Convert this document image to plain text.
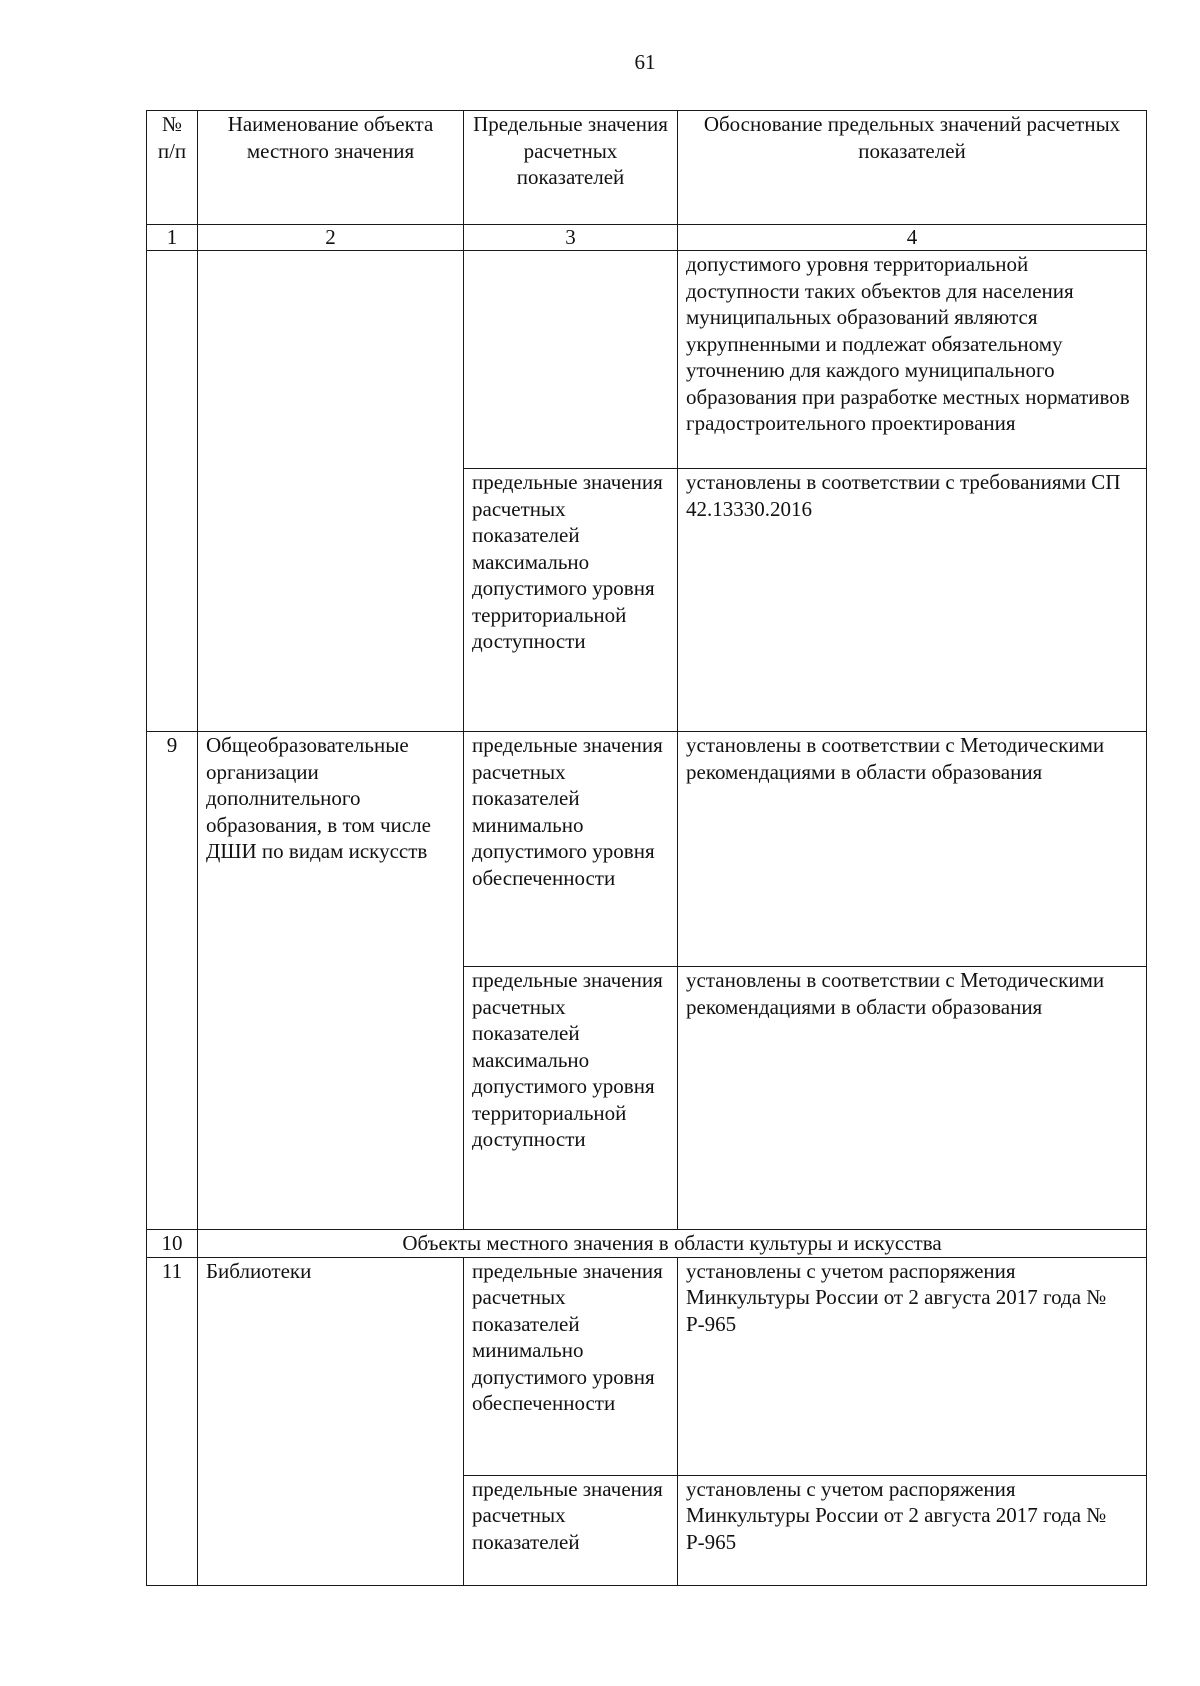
61
№ п/п	Наименование объекта местного значения	Предельные значения расчетных показателей	Обоснование предельных значений расчетных показателей
1	2	3	4
			допустимого уровня территориальной доступности таких объектов для населения муниципальных образований являются укрупненными и подлежат обязательному уточнению для каждого муниципального образования при разработке местных нормативов градостроительного проектирования
		предельные значения расчетных показателей максимально допустимого уровня территориальной доступности	установлены в соответствии с требованиями СП 42.13330.2016
9	Общеобразовательные организации дополнительного образования, в том числе ДШИ по видам искусств	предельные значения расчетных показателей минимально допустимого уровня обеспеченности	установлены в соответствии с Методическими рекомендациями в области образования
		предельные значения расчетных показателей максимально допустимого уровня территориальной доступности	установлены в соответствии с Методическими рекомендациями в области образования
10	Объекты местного значения в области культуры и искусства		
11	Библиотеки	предельные значения расчетных показателей минимально допустимого уровня обеспеченности	установлены с учетом распоряжения Минкультуры России от 2 августа 2017 года № Р-965
		предельные значения расчетных показателей	установлены с учетом распоряжения Минкультуры России от 2 августа 2017 года № Р-965
